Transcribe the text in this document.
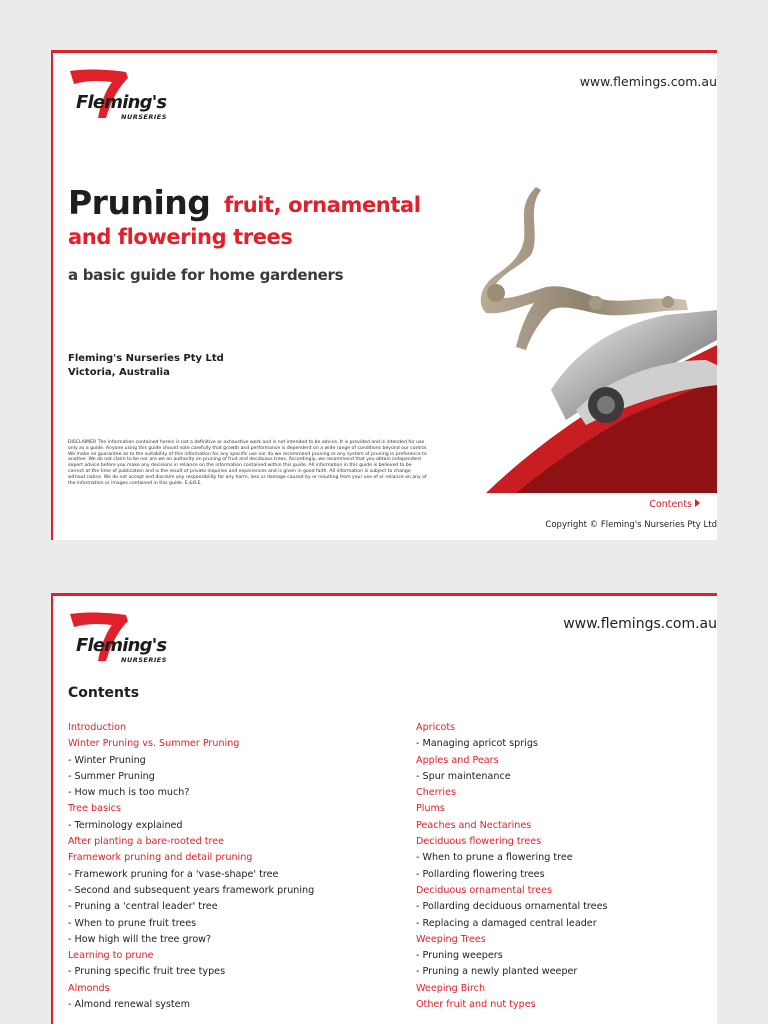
Fleming's
NURSERIES
www.flemings.com.au
Pruning fruit, ornamental
and flowering trees
a basic guide for home gardeners
Fleming's Nurseries Pty Ltd
Victoria, Australia
DISCLAIMER The information contained herein is not a definitive or exhaustive work and is not intended to be advice. It is provided and is intended for use only as a guide. Anyone using this guide should note carefully that growth and performance is dependent on a wide range of conditions beyond our control. We make no guarantee as to the suitability of this information for any specific use nor do we recommend pruning or any system of pruning in preference to another. We do not claim to be nor are we an authority on pruning of fruit and deciduous trees. Accordingly, we recommend that you obtain independent expert advice before you make any decisions in reliance on the information contained within this guide. All information in this guide is believed to be correct at the time of publication and is the result of private inquiries and experiences and is given in good faith. All information is subject to change without notice. We do not accept and disclaim any responsibility for any harm, loss or damage caused by or resulting from your use of or reliance on any of the information or images contained in this guide. E.&O.E.
Contents
Copyright © Fleming's Nurseries Pty Ltd
Fleming's
NURSERIES
www.flemings.com.au
Contents
Introduction
Winter Pruning vs. Summer Pruning
- Winter Pruning
- Summer Pruning
- How much is too much?
Tree basics
- Terminology explained
After planting a bare-rooted tree
Framework pruning and detail pruning
- Framework pruning for a 'vase-shape' tree
- Second and subsequent years framework pruning
- Pruning a 'central leader' tree
- When to prune fruit trees
- How high will the tree grow?
Learning to prune
- Pruning specific fruit tree types
Almonds
- Almond renewal system
Apricots
- Managing apricot sprigs
Apples and Pears
- Spur maintenance
Cherries
Plums
Peaches and Nectarines
Deciduous flowering trees
- When to prune a flowering tree
- Pollarding flowering trees
Deciduous ornamental trees
- Pollarding deciduous ornamental trees
- Replacing a damaged central leader
Weeping Trees
- Pruning weepers
- Pruning a newly planted weeper
Weeping Birch
Other fruit and nut types
